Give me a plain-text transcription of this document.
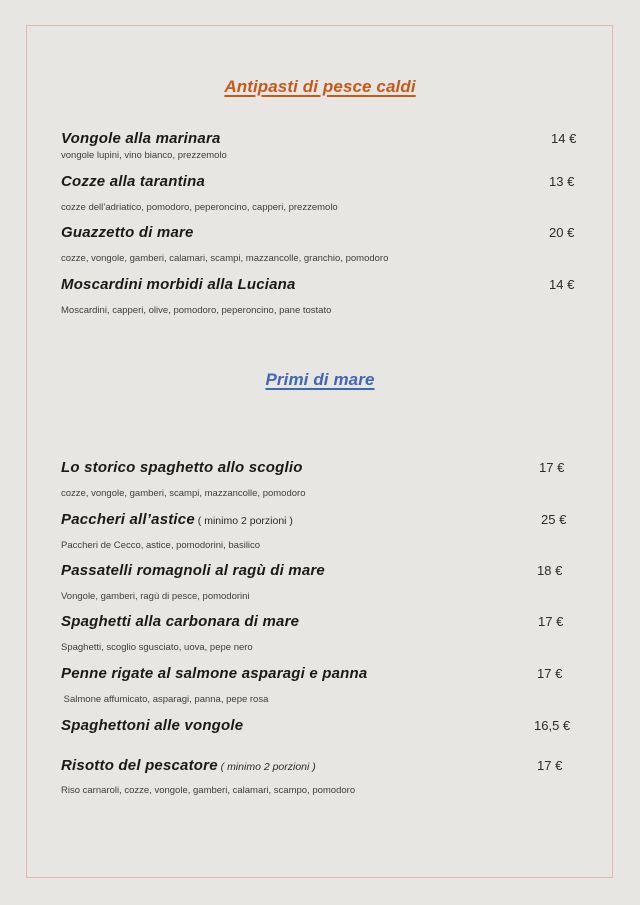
Antipasti di pesce caldi
Vongole alla marinara	14 €
vongole lupini, vino bianco, prezzemolo
Cozze alla tarantina	13 €
cozze dell’adriatico, pomodoro, peperoncino, capperi, prezzemolo
Guazzetto di mare	20 €
cozze, vongole, gamberi, calamari, scampi, mazzancolle, granchio, pomodoro
Moscardini morbidi alla Luciana	14 €
Moscardini, capperi, olive, pomodoro, peperoncino, pane tostato
Primi di mare
Lo storico spaghetto allo scoglio	17 €
cozze, vongole, gamberi, scampi, mazzancolle, pomodoro
Paccheri all’astice ( minimo 2 porzioni )	25 €
Paccheri de Cecco, astice, pomodorini, basilico
Passatelli romagnoli al ragù di mare	18 €
Vongole, gamberi, ragù di pesce, pomodorini
Spaghetti alla carbonara di mare	17 €
Spaghetti, scoglio sgusciato, uova, pepe nero
Penne rigate al salmone asparagi e panna	17 €
Salmone affumicato, asparagi, panna, pepe rosa
Spaghettoni alle vongole	16,5 €
Risotto del pescatore ( minimo 2 porzioni )	17 €
Riso carnaroli, cozze, vongole, gamberi, calamari, scampo, pomodoro
